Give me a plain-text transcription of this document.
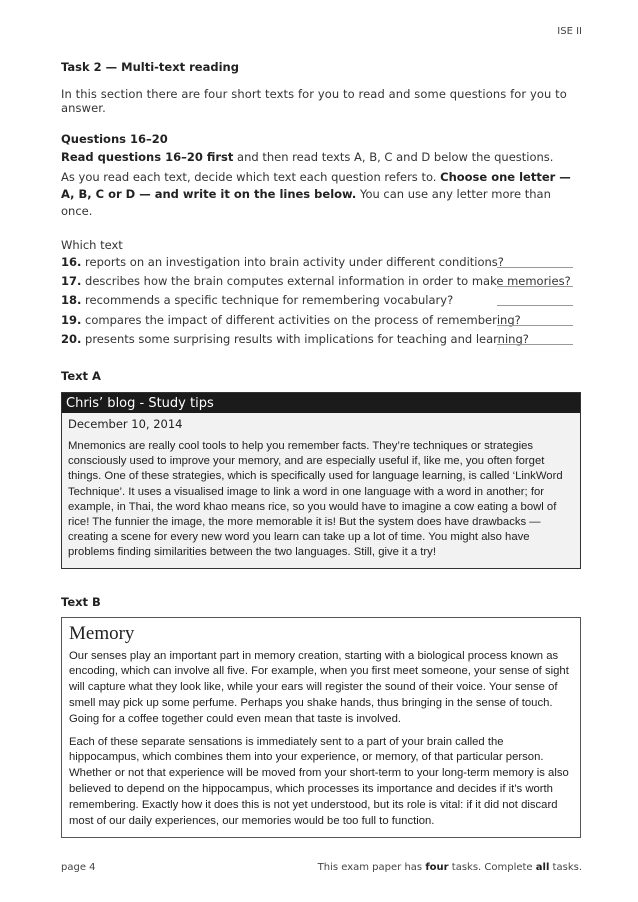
ISE II
Task 2 — Multi-text reading
In this section there are four short texts for you to read and some questions for you to answer.
Questions 16–20
Read questions 16–20 first and then read texts A, B, C and D below the questions.
As you read each text, decide which text each question refers to. Choose one letter — A, B, C or D — and write it on the lines below. You can use any letter more than once.
Which text
16. reports on an investigation into brain activity under different conditions?
17. describes how the brain computes external information in order to make memories?
18. recommends a specific technique for remembering vocabulary?
19. compares the impact of different activities on the process of remembering?
20. presents some surprising results with implications for teaching and learning?
Text A
Chris’ blog - Study tips
December 10, 2014
Mnemonics are really cool tools to help you remember facts. They’re techniques or strategies consciously used to improve your memory, and are especially useful if, like me, you often forget things. One of these strategies, which is specifically used for language learning, is called ‘LinkWord Technique’. It uses a visualised image to link a word in one language with a word in another; for example, in Thai, the word khao means rice, so you would have to imagine a cow eating a bowl of rice! The funnier the image, the more memorable it is! But the system does have drawbacks — creating a scene for every new word you learn can take up a lot of time. You might also have problems finding similarities between the two languages. Still, give it a try!
Text B
Memory

Our senses play an important part in memory creation, starting with a biological process known as encoding, which can involve all five. For example, when you first meet someone, your sense of sight will capture what they look like, while your ears will register the sound of their voice. Your sense of smell may pick up some perfume. Perhaps you shake hands, thus bringing in the sense of touch. Going for a coffee together could even mean that taste is involved.

Each of these separate sensations is immediately sent to a part of your brain called the hippocampus, which combines them into your experience, or memory, of that particular person. Whether or not that experience will be moved from your short-term to your long-term memory is also believed to depend on the hippocampus, which processes its importance and decides if it’s worth remembering. Exactly how it does this is not yet understood, but its role is vital: if it did not discard most of our daily experiences, our memories would be too full to function.

page 4	This exam paper has four tasks. Complete all tasks.
